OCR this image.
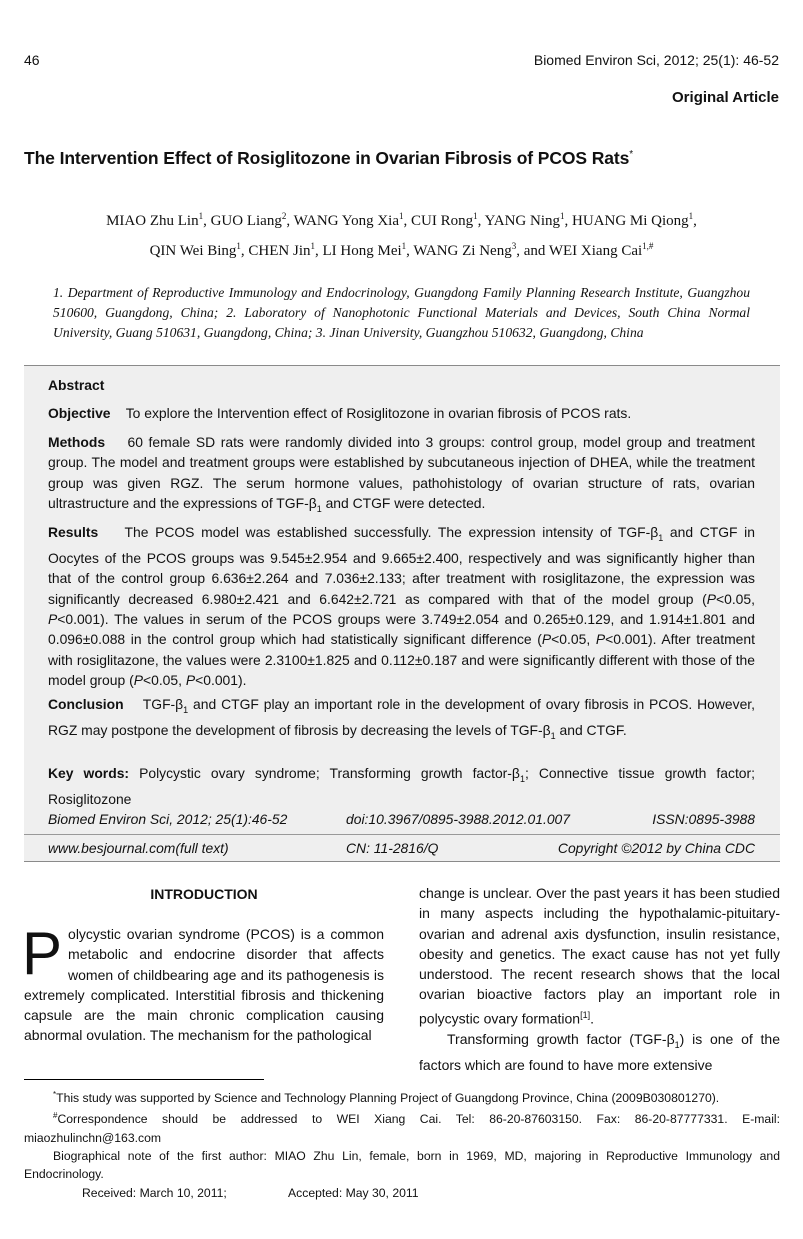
46	Biomed Environ Sci, 2012; 25(1): 46-52
Original Article
The Intervention Effect of Rosiglitozone in Ovarian Fibrosis of PCOS Rats*
MIAO Zhu Lin$^1$, GUO Liang$^2$, WANG Yong Xia$^1$, CUI Rong$^1$, YANG Ning$^1$, HUANG Mi Qiong$^1$,
QIN Wei Bing$^1$, CHEN Jin$^1$, LI Hong Mei$^1$, WANG Zi Neng$^3$, and WEI Xiang Cai$^{1,\#}$
1. Department of Reproductive Immunology and Endocrinology, Guangdong Family Planning Research Institute, Guangzhou 510600, Guangdong, China; 2. Laboratory of Nanophotonic Functional Materials and Devices, South China Normal University, Guang 510631, Guangdong, China; 3. Jinan University, Guangzhou 510632, Guangdong, China
Abstract
Objective To explore the Intervention effect of Rosiglitozone in ovarian fibrosis of PCOS rats.
Methods 60 female SD rats were randomly divided into 3 groups: control group, model group and treatment group. The model and treatment groups were established by subcutaneous injection of DHEA, while the treatment group was given RGZ. The serum hormone values, pathohistology of ovarian structure of rats, ovarian ultrastructure and the expressions of TGF-$\beta_1$ and CTGF were detected.
Results The PCOS model was established successfully. The expression intensity of TGF-$\beta_1$ and CTGF in Oocytes of the PCOS groups was 9.545±2.954 and 9.665±2.400, respectively and was significantly higher than that of the control group 6.636±2.264 and 7.036±2.133; after treatment with rosiglitazone, the expression was significantly decreased 6.980±2.421 and 6.642±2.721 as compared with that of the model group (P<0.05, P<0.001). The values in serum of the PCOS groups were 3.749±2.054 and 0.265±0.129, and 1.914±1.801 and 0.096±0.088 in the control group which had statistically significant difference (P<0.05, P<0.001). After treatment with rosiglitazone, the values were 2.3100±1.825 and 0.112±0.187 and were significantly different with those of the model group (P<0.05, P<0.001).
Conclusion TGF-$\beta_1$ and CTGF play an important role in the development of ovary fibrosis in PCOS. However, RGZ may postpone the development of fibrosis by decreasing the levels of TGF-$\beta_1$ and CTGF.
Key words: Polycystic ovary syndrome; Transforming growth factor-$\beta_1$; Connective tissue growth factor; Rosiglitozone
Biomed Environ Sci, 2012; 25(1):46-52	doi:10.3967/0895-3988.2012.01.007	ISSN:0895-3988
www.besjournal.com(full text)	CN: 11-2816/Q	Copyright ©2012 by China CDC
INTRODUCTION
Polycystic ovarian syndrome (PCOS) is a common metabolic and endocrine disorder that affects women of childbearing age and its pathogenesis is extremely complicated. Interstitial fibrosis and thickening capsule are the main chronic complication causing abnormal ovulation. The mechanism for the pathological
change is unclear. Over the past years it has been studied in many aspects including the hypothalamic-pituitary-ovarian and adrenal axis dysfunction, insulin resistance, obesity and genetics. The exact cause has not yet fully understood. The recent research shows that the local ovarian bioactive factors play an important role in polycystic ovary formation[1].
Transforming growth factor $(TGF-\beta_1)$ is one of the factors which are found to have more extensive

*This study was supported by Science and Technology Planning Project of Guangdong Province, China (2009B030801270).

#Correspondence should be addressed to WEI Xiang Cai. Tel: 86-20-87603150. Fax: 86-20-87777331. E-mail: miaozhulinchn@163.com

Biographical note of the first author: MIAO Zhu Lin, female, born in 1969, MD, majoring in Reproductive Immunology and Endocrinology.

Received: March 10, 2011;	Accepted: May 30, 2011
